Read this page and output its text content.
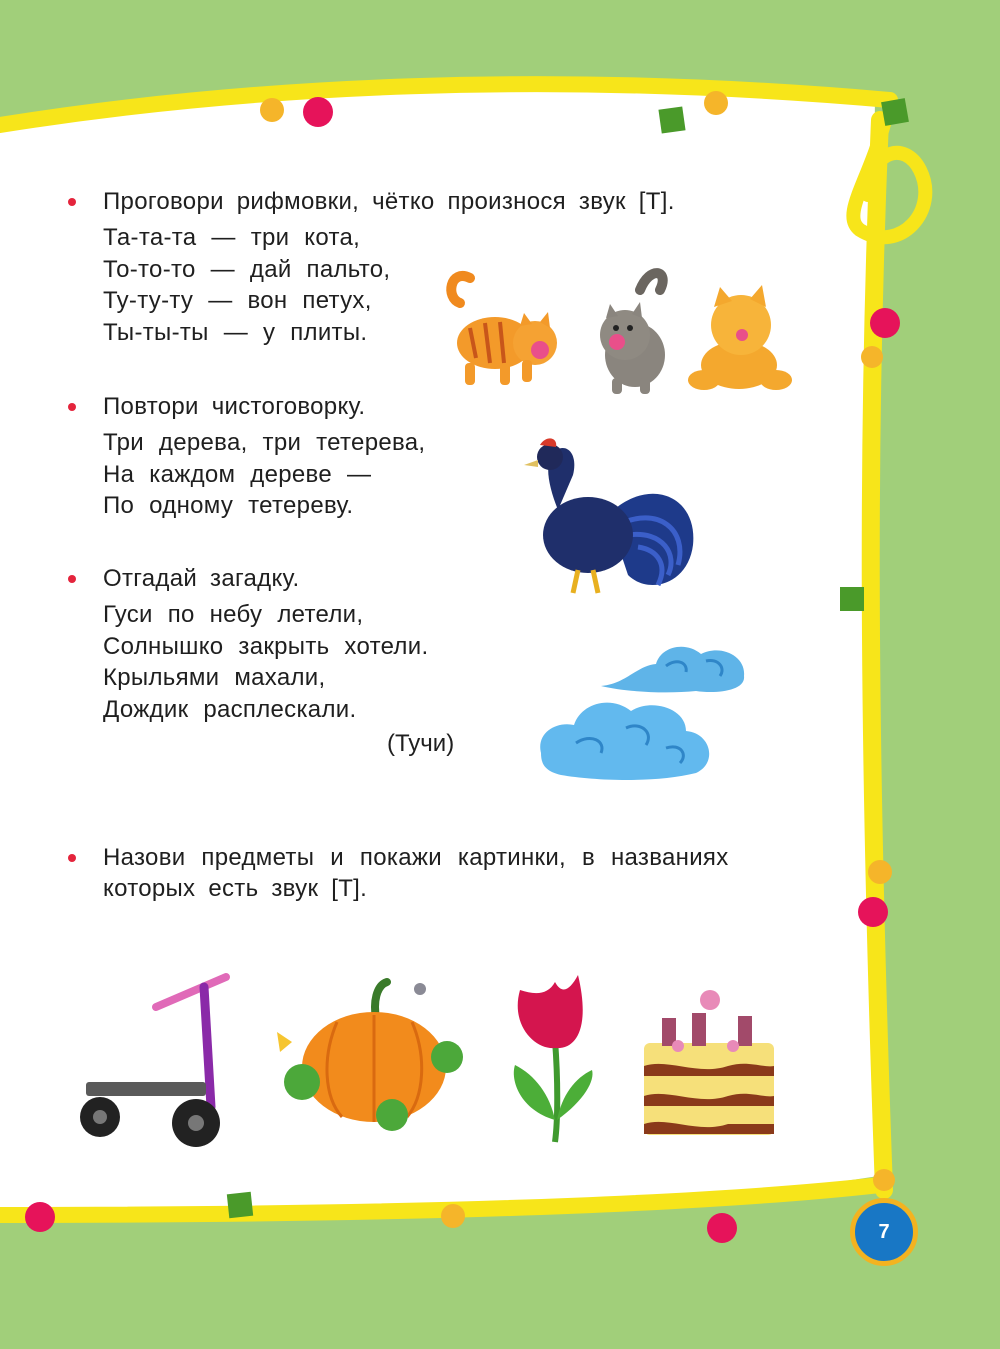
Проговори рифмовки, чётко произнося звук [Т].
Та-та-та — три кота,
То-то-то — дай пальто,
Ту-ту-ту — вон петух,
Ты-ты-ты — у плиты.
Повтори чистоговорку.
Три дерева, три тетерева,
На каждом дереве —
По одному тетереву.
Отгадай загадку.
Гуси по небу летели,
Солнышко закрыть хотели.
Крыльями махали,
Дождик расплескали.
(Тучи)
Назови предметы и покажи картинки, в названиях
которых есть звук [Т].
7
